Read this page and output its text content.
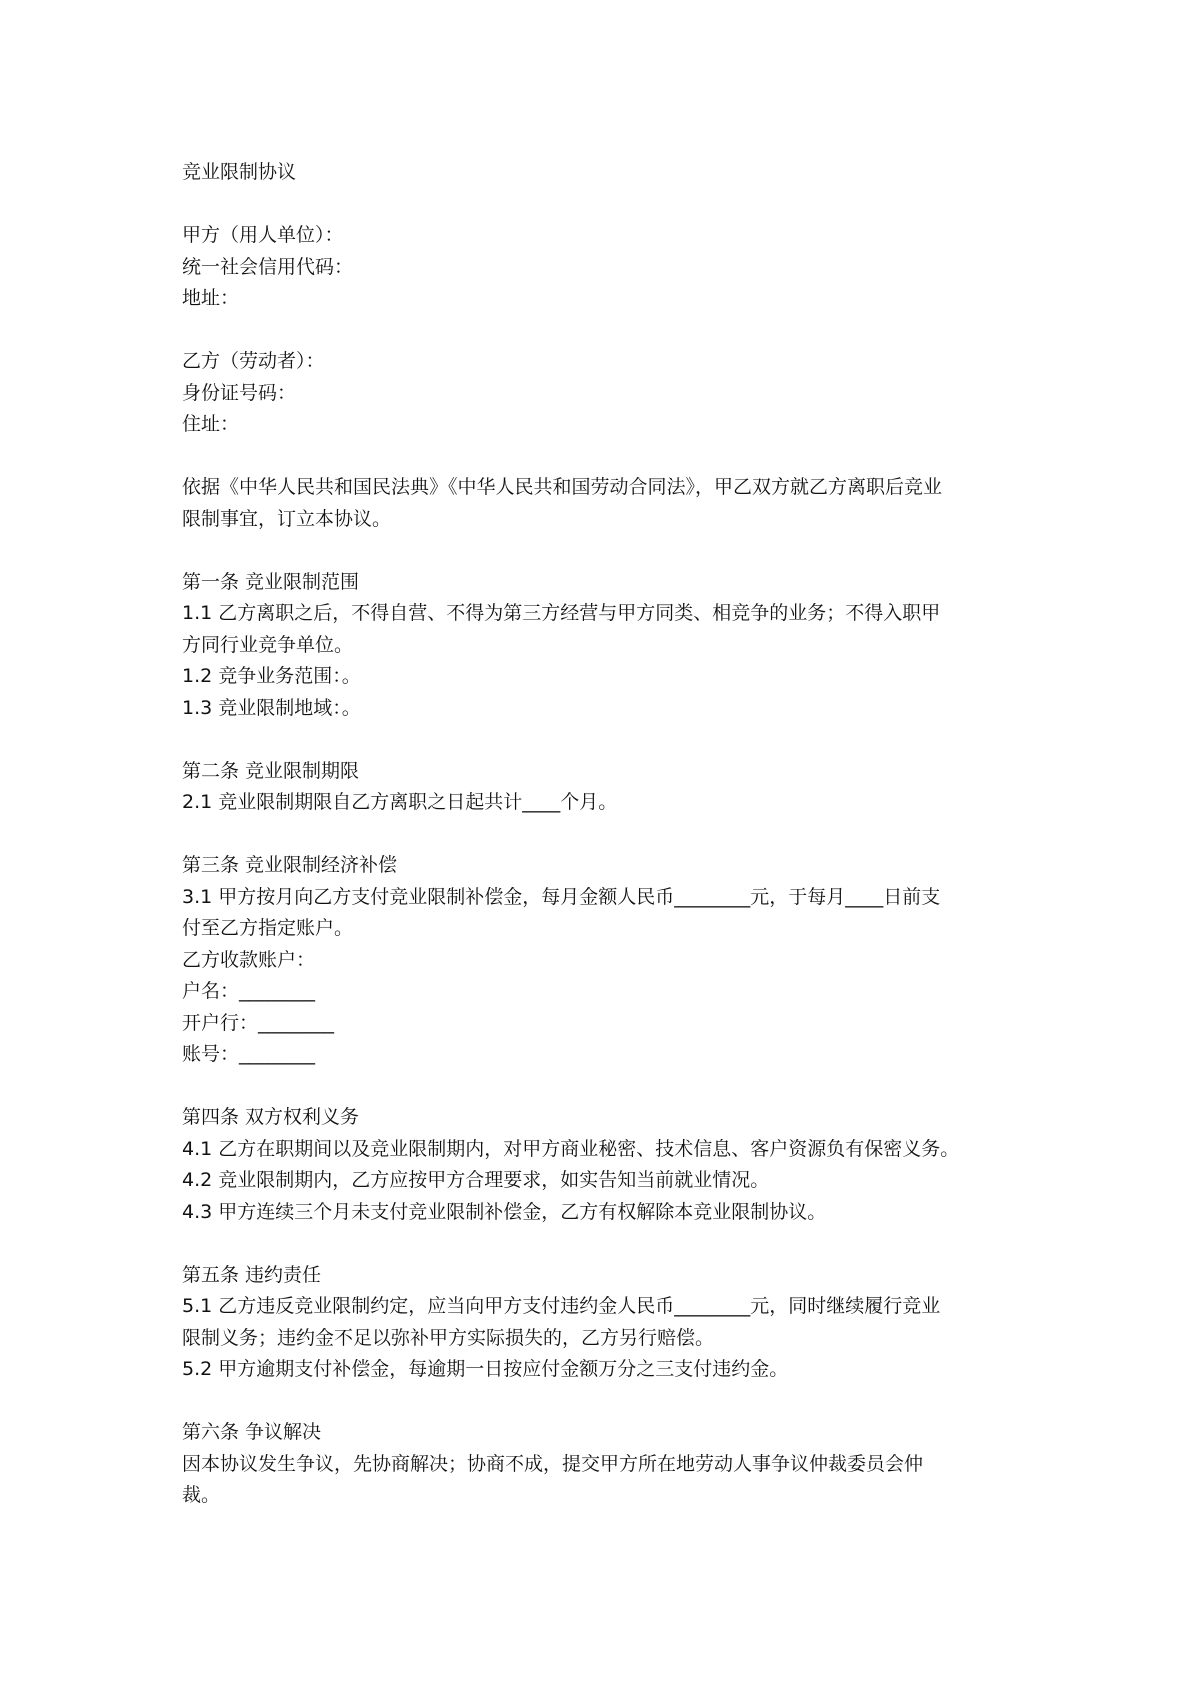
竞业限制协议
甲方（用人单位）：
统一社会信用代码：
地址：
乙方（劳动者）：
身份证号码：
住址：
依据《中华人民共和国民法典》《中华人民共和国劳动合同法》，甲乙双方就乙方离职后竞业
限制事宜，订立本协议。
第一条 竞业限制范围
1.1 乙方离职之后，不得自营、不得为第三方经营与甲方同类、相竞争的业务；不得入职甲
方同行业竞争单位。
1.2 竞争业务范围：。
1.3 竞业限制地域：。
第二条 竞业限制期限
2.1 竞业限制期限自乙方离职之日起共计____个月。
第三条 竞业限制经济补偿
3.1 甲方按月向乙方支付竞业限制补偿金，每月金额人民币________元，于每月____日前支
付至乙方指定账户。
乙方收款账户：
户名：________
开户行：________
账号：________
第四条 双方权利义务
4.1 乙方在职期间以及竞业限制期内，对甲方商业秘密、技术信息、客户资源负有保密义务。
4.2 竞业限制期内，乙方应按甲方合理要求，如实告知当前就业情况。
4.3 甲方连续三个月未支付竞业限制补偿金，乙方有权解除本竞业限制协议。
第五条 违约责任
5.1 乙方违反竞业限制约定，应当向甲方支付违约金人民币________元，同时继续履行竞业
限制义务；违约金不足以弥补甲方实际损失的，乙方另行赔偿。
5.2 甲方逾期支付补偿金，每逾期一日按应付金额万分之三支付违约金。
第六条 争议解决
因本协议发生争议，先协商解决；协商不成，提交甲方所在地劳动人事争议仲裁委员会仲
裁。
